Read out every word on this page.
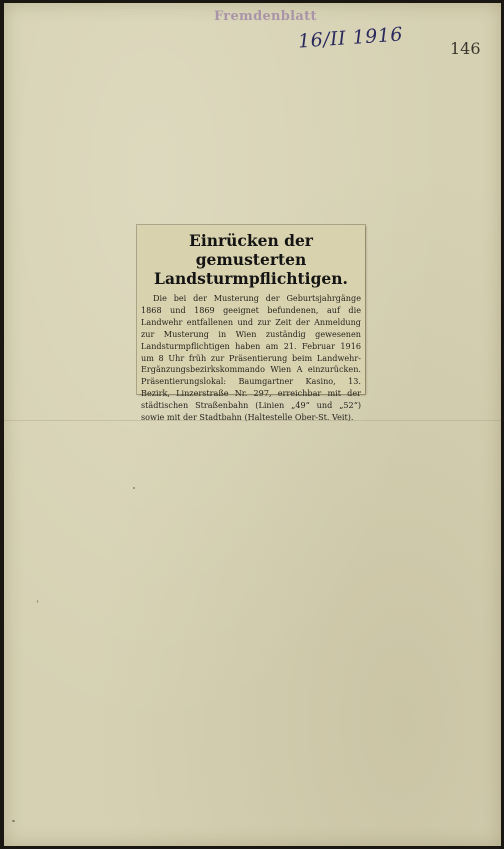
Fremdenblatt
16/II 1916	146
Einrücken der gemusterten Landsturmpflichtigen.

Die bei der Musterung der Geburtsjahrgänge 1868 und 1869 geeignet befundenen, auf die Landwehr entfallenen und zur Zeit der Anmeldung zur Musterung in Wien zuständig gewesenen Landsturmpflichtigen haben am 21. Februar 1916 um 8 Uhr früh zur Präsentierung beim Landwehr-Ergänzungsbezirkskommando Wien A einzurücken. Präsentierungslokal: Baumgartner Kasino, 13. Bezirk, Linzerstraße Nr. 297, erreichbar mit der städtischen Straßenbahn (Linien „49“ und „52“) sowie mit der Stadtbahn (Haltestelle Ober-St. Veit).
